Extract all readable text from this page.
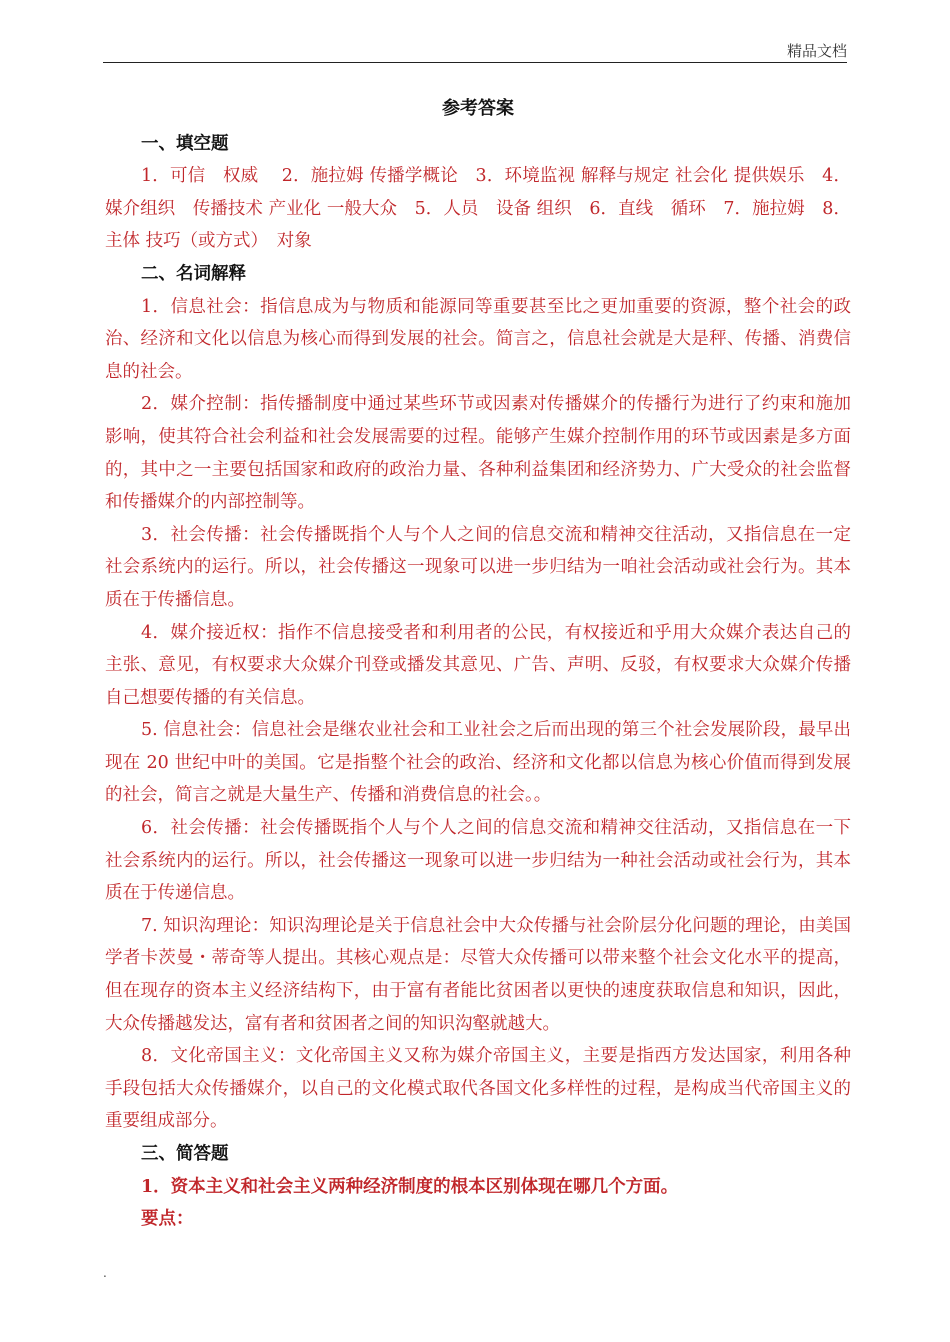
精品文档
参考答案
一、填空题

1．可信　权威　 2．施拉姆 传播学概论　3．环境监视 解释与规定 社会化 提供娱乐　4．媒介组织　传播技术 产业化 一般大众　5．人员　设备 组织　6．直线　循环　7．施拉姆　8．主体 技巧（或方式）　对象

二、名词解释

1．信息社会：指信息成为与物质和能源同等重要甚至比之更加重要的资源，整个社会的政治、经济和文化以信息为核心而得到发展的社会。简言之，信息社会就是大是秤、传播、消费信息的社会。

2．媒介控制：指传播制度中通过某些环节或因素对传播媒介的传播行为进行了约束和施加影响，使其符合社会利益和社会发展需要的过程。能够产生媒介控制作用的环节或因素是多方面的，其中之一主要包括国家和政府的政治力量、各种利益集团和经济势力、广大受众的社会监督和传播媒介的内部控制等。

3．社会传播：社会传播既指个人与个人之间的信息交流和精神交往活动，又指信息在一定社会系统内的运行。所以，社会传播这一现象可以进一步归结为一咱社会活动或社会行为。其本质在于传播信息。

4．媒介接近权：指作不信息接受者和利用者的公民，有权接近和乎用大众媒介表达自己的主张、意见，有权要求大众媒介刊登或播发其意见、广告、声明、反驳，有权要求大众媒介传播自己想要传播的有关信息。

5. 信息社会：信息社会是继农业社会和工业社会之后而出现的第三个社会发展阶段，最早出现在 20 世纪中叶的美国。它是指整个社会的政治、经济和文化都以信息为核心价值而得到发展的社会，简言之就是大量生产、传播和消费信息的社会。。

6．社会传播：社会传播既指个人与个人之间的信息交流和精神交往活动，又指信息在一下社会系统内的运行。所以，社会传播这一现象可以进一步归结为一种社会活动或社会行为，其本质在于传递信息。

7. 知识沟理论：知识沟理论是关于信息社会中大众传播与社会阶层分化问题的理论，由美国学者卡茨曼・蒂奇等人提出。其核心观点是：尽管大众传播可以带来整个社会文化水平的提高，但在现存的资本主义经济结构下，由于富有者能比贫困者以更快的速度获取信息和知识，因此，大众传播越发达，富有者和贫困者之间的知识沟壑就越大。

8．文化帝国主义：文化帝国主义又称为媒介帝国主义，主要是指西方发达国家，利用各种手段包括大众传播媒介，以自己的文化模式取代各国文化多样性的过程，是构成当代帝国主义的重要组成部分。

三、简答题
1．资本主义和社会主义两种经济制度的根本区别体现在哪几个方面。
要点：
.
